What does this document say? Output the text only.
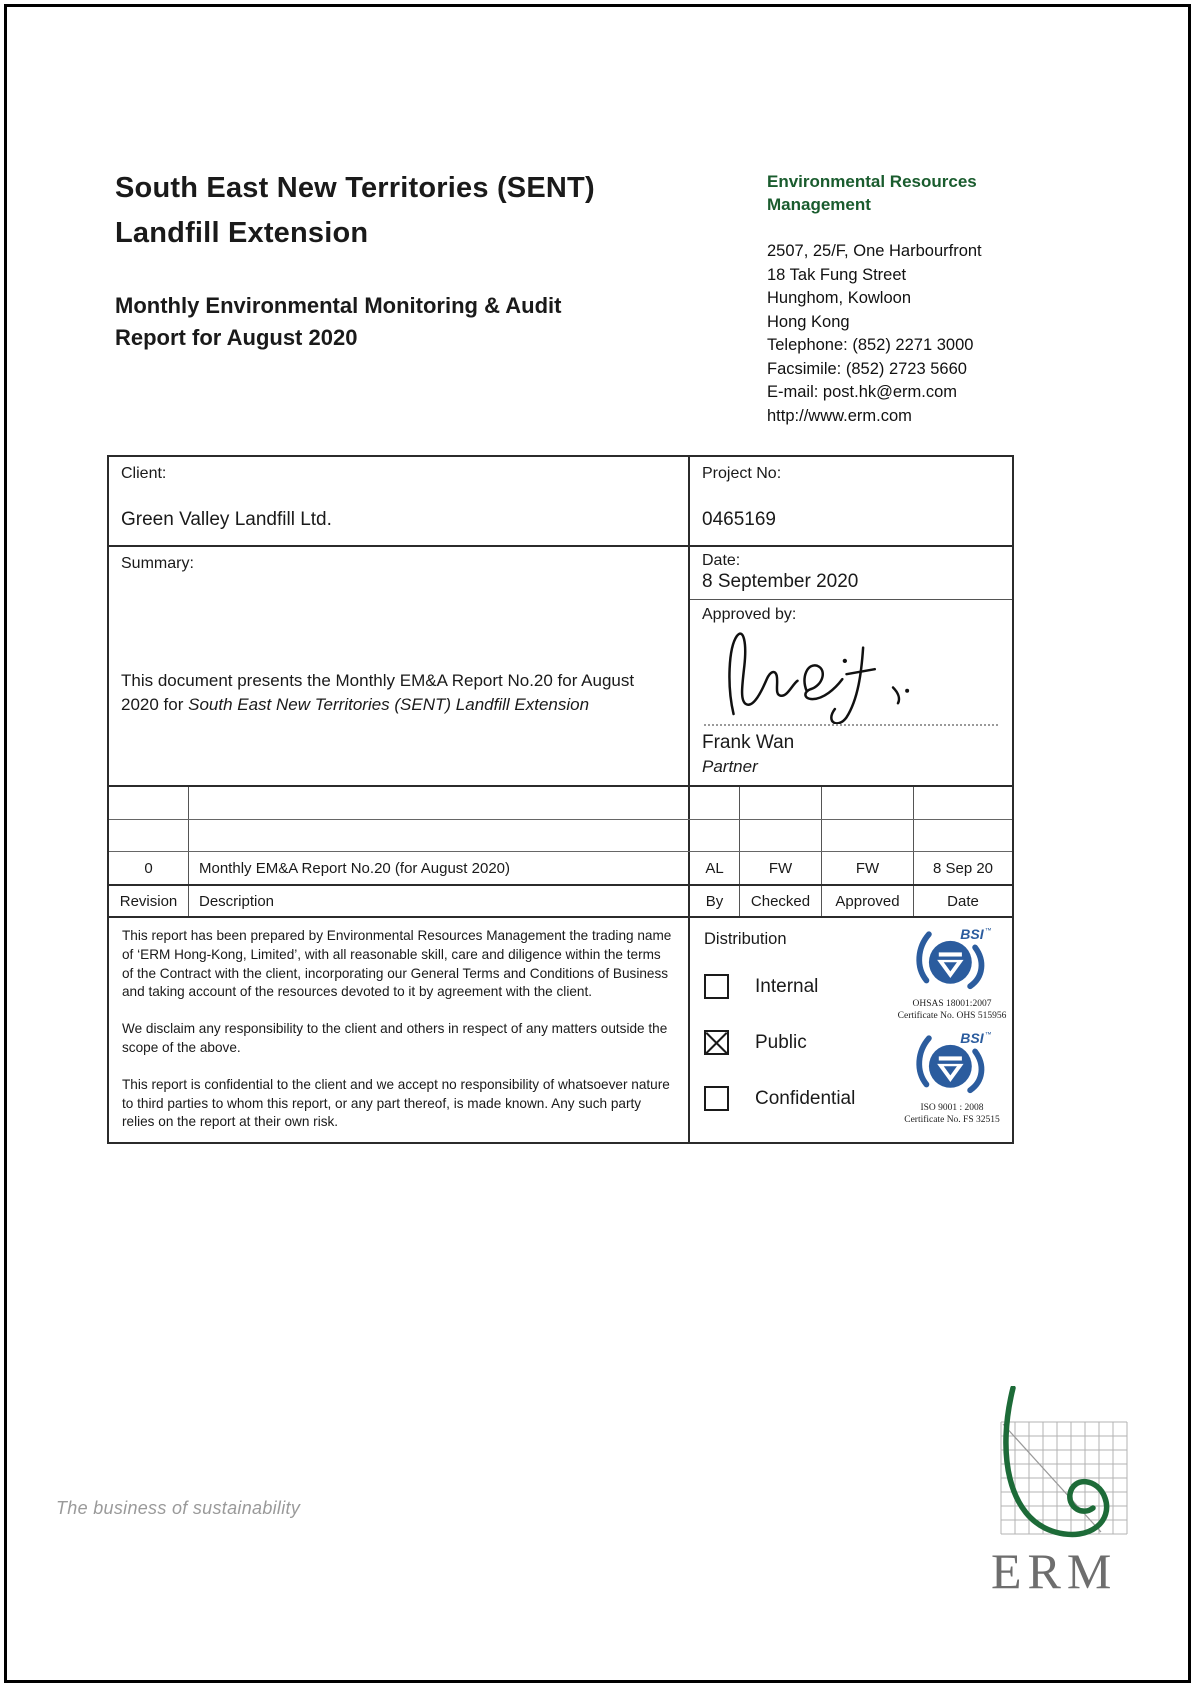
South East New Territories (SENT)
Landfill Extension
Monthly Environmental Monitoring & Audit
Report for August 2020
Environmental Resources
Management
2507, 25/F, One Harbourfront
18 Tak Fung Street
Hunghom, Kowloon
Hong Kong
Telephone: (852) 2271 3000
Facsimile: (852) 2723 5660
E-mail: post.hk@erm.com
http://www.erm.com
Client:
Green Valley Landfill Ltd.
Project No:
0465169
Summary:
This document presents the Monthly EM&A Report No.20 for August 2020 for South East New Territories (SENT) Landfill Extension
Date:
8 September 2020
Approved by:
Frank Wan
Partner
0	Monthly EM&A Report No.20 (for August 2020)	AL	FW	FW	8 Sep 20
Revision	Description	By	Checked	Approved	Date

This report has been prepared by Environmental Resources Management the trading name of ‘ERM Hong-Kong, Limited’, with all reasonable skill, care and diligence within the terms of the Contract with the client, incorporating our General Terms and Conditions of Business and taking account of the resources devoted to it by agreement with the client.

We disclaim any responsibility to the client and others in respect of any matters outside the scope of the above.

This report is confidential to the client and we accept no responsibility of whatsoever nature to third parties to whom this report, or any part thereof, is made known. Any such party relies on the report at their own risk.

Distribution
Internal
Public
Confidential
BSI ™
OHSAS 18001:2007
Certificate No. OHS 515956
BSI ™
ISO 9001 : 2008
Certificate No. FS 32515
The business of sustainability
ERM
